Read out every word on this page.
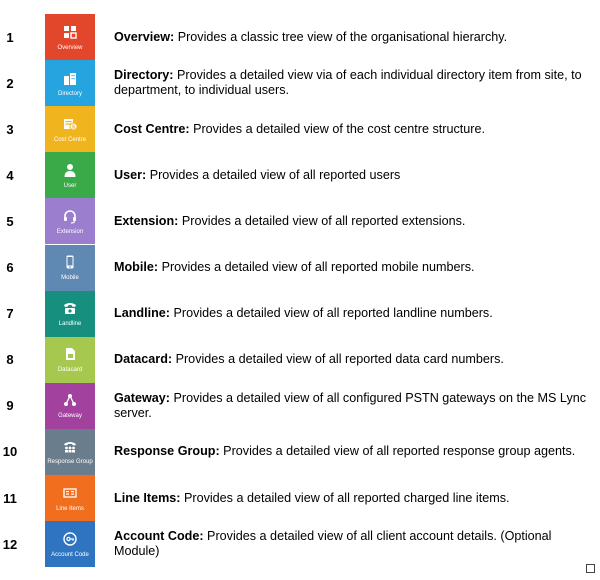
1
Overview
Overview: Provides a classic tree view of the organisational hierarchy.
2
Directory
Directory: Provides a detailed view via of each individual directory item from site, to department, to individual users.
3	$
Cost Centre
Cost Centre: Provides a detailed view of the cost centre structure.
4
User
User: Provides a detailed view of all reported users
5
Extension
Extension: Provides a detailed view of all reported extensions.
6
Mobile
Mobile: Provides a detailed view of all reported mobile numbers.
7
Landline
Landline: Provides a detailed view of all reported landline numbers.
8
Datacard
Datacard: Provides a detailed view of all reported data card numbers.
9
Gateway
Gateway: Provides a detailed view of all configured PSTN gateways on the MS Lync server.
10
Response Group
Response Group: Provides a detailed view of all reported response group agents.
11
Line Items
Line Items: Provides a detailed view of all reported charged line items.
12
Account Code
Account Code: Provides a detailed view of all client account details. (Optional Module)
